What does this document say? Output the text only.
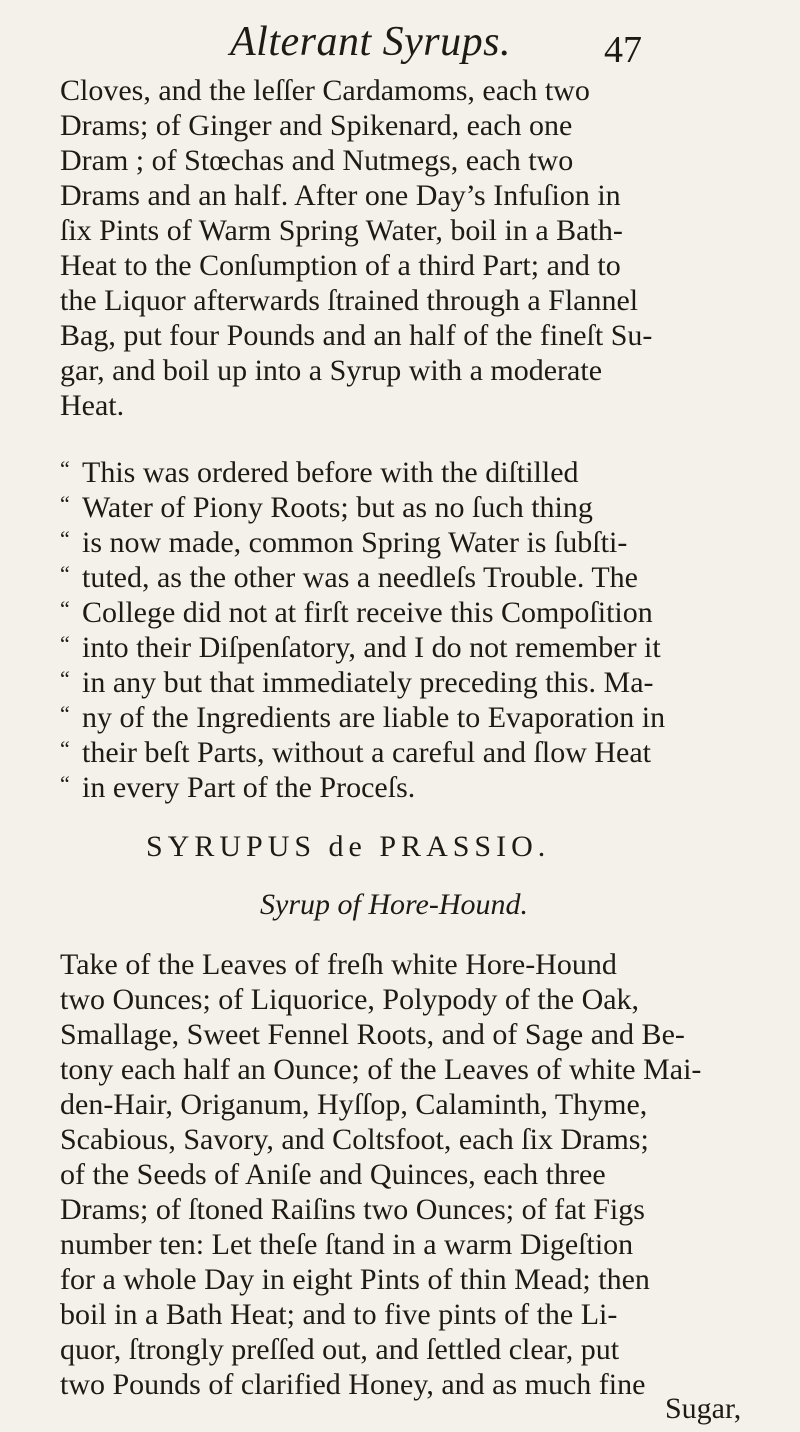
Alterant Syrups. 47
Cloves, and the leſſer Cardamoms, each two
Drams; of Ginger and Spikenard, each one
Dram ; of Stœchas and Nutmegs, each two
Drams and an half. After one Day’s Infuſion in
ſix Pints of Warm Spring Water, boil in a Bath-
Heat to the Conſumption of a third Part; and to
the Liquor afterwards ſtrained through a Flannel
Bag, put four Pounds and an half of the fineſt Su-
gar, and boil up into a Syrup with a moderate
Heat.
“ This was ordered before with the diſtilled
“ Water of Piony Roots; but as no ſuch thing
“ is now made, common Spring Water is ſubſti-
“ tuted, as the other was a needleſs Trouble. The
“ College did not at firſt receive this Compoſition
“ into their Diſpenſatory, and I do not remember it
“ in any but that immediately preceding this. Ma-
“ ny of the Ingredients are liable to Evaporation in
“ their beſt Parts, without a careful and ſlow Heat
“ in every Part of the Proceſs.
SYRUPUS de PRASSIO.
Syrup of Hore-Hound.
Take of the Leaves of freſh white Hore-Hound
two Ounces; of Liquorice, Polypody of the Oak,
Smallage, Sweet Fennel Roots, and of Sage and Be-
tony each half an Ounce; of the Leaves of white Mai-
den-Hair, Origanum, Hyſſop, Calaminth, Thyme,
Scabious, Savory, and Coltsfoot, each ſix Drams;
of the Seeds of Aniſe and Quinces, each three
Drams; of ſtoned Raiſins two Ounces; of fat Figs
number ten: Let theſe ſtand in a warm Digeſtion
for a whole Day in eight Pints of thin Mead; then
boil in a Bath Heat; and to five pints of the Li-
quor, ſtrongly preſſed out, and ſettled clear, put
two Pounds of clarified Honey, and as much fine
Sugar,
